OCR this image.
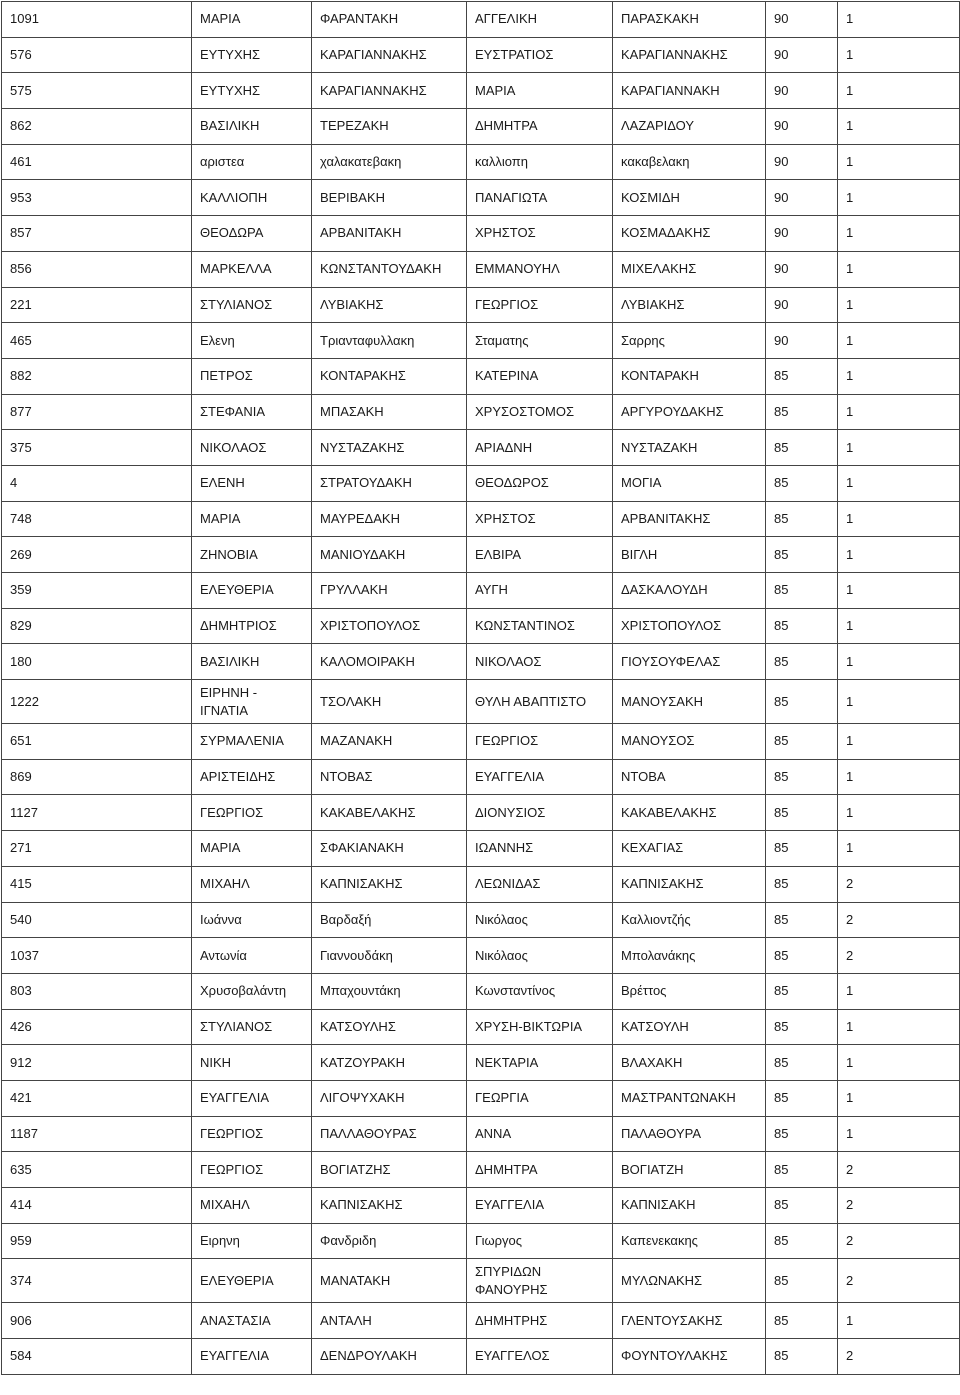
1091	ΜΑΡΙΑ	ΦΑΡΑΝΤΑΚΗ	ΑΓΓΕΛΙΚΗ	ΠΑΡΑΣΚΑΚΗ	90	1
576	ΕΥΤΥΧΗΣ	ΚΑΡΑΓΙΑΝΝΑΚΗΣ	ΕΥΣΤΡΑΤΙΟΣ	ΚΑΡΑΓΙΑΝΝΑΚΗΣ	90	1
575	ΕΥΤΥΧΗΣ	ΚΑΡΑΓΙΑΝΝΑΚΗΣ	ΜΑΡΙΑ	ΚΑΡΑΓΙΑΝΝΑΚΗ	90	1
862	ΒΑΣΙΛΙΚΗ	ΤΕΡΕΖΑΚΗ	ΔΗΜΗΤΡΑ	ΛΑΖΑΡΙΔΟΥ	90	1
461	αριστεα	χαλακατεβακη	καλλιοπη	κακαβελακη	90	1
953	ΚΑΛΛΙΟΠΗ	ΒΕΡΙΒΑΚΗ	ΠΑΝΑΓΙΩΤΑ	ΚΟΣΜΙΔΗ	90	1
857	ΘΕΟΔΩΡΑ	ΑΡΒΑΝΙΤΑΚΗ	ΧΡΗΣΤΟΣ	ΚΟΣΜΑΔΑΚΗΣ	90	1
856	ΜΑΡΚΕΛΛΑ	ΚΩΝΣΤΑΝΤΟΥΔΑΚΗ	ΕΜΜΑΝΟΥΗΛ	ΜΙΧΕΛΑΚΗΣ	90	1
221	ΣΤΥΛΙΑΝΟΣ	ΛΥΒΙΑΚΗΣ	ΓΕΩΡΓΙΟΣ	ΛΥΒΙΑΚΗΣ	90	1
465	Ελενη	Τριανταφυλλακη	Σταματης	Σαρρης	90	1
882	ΠΕΤΡΟΣ	ΚΟΝΤΑΡΑΚΗΣ	ΚΑΤΕΡΙΝΑ	ΚΟΝΤΑΡΑΚΗ	85	1
877	ΣΤΕΦΑΝΙΑ	ΜΠΑΣΑΚΗ	ΧΡΥΣΟΣΤΟΜΟΣ	ΑΡΓΥΡΟΥΔΑΚΗΣ	85	1
375	ΝΙΚΟΛΑΟΣ	ΝΥΣΤΑΖΑΚΗΣ	ΑΡΙΑΔΝΗ	ΝΥΣΤΑΖΑΚΗ	85	1
4	ΕΛΕΝΗ	ΣΤΡΑΤΟΥΔΑΚΗ	ΘΕΟΔΩΡΟΣ	ΜΟΓΙΑ	85	1
748	ΜΑΡΙΑ	ΜΑΥΡΕΔΑΚΗ	ΧΡΗΣΤΟΣ	ΑΡΒΑΝΙΤΑΚΗΣ	85	1
269	ΖΗΝΟΒΙΑ	ΜΑΝΙΟΥΔΑΚΗ	ΕΛΒΙΡΑ	ΒΙΓΛΗ	85	1
359	ΕΛΕΥΘΕΡΙΑ	ΓΡΥΛΛΑΚΗ	ΑΥΓΗ	ΔΑΣΚΑΛΟΥΔΗ	85	1
829	ΔΗΜΗΤΡΙΟΣ	ΧΡΙΣΤΟΠΟΥΛΟΣ	ΚΩΝΣΤΑΝΤΙΝΟΣ	ΧΡΙΣΤΟΠΟΥΛΟΣ	85	1
180	ΒΑΣΙΛΙΚΗ	ΚΑΛΟΜΟΙΡΑΚΗ	ΝΙΚΟΛΑΟΣ	ΓΙΟΥΣΟΥΦΕΛΑΣ	85	1
1222	ΕΙΡΗΝΗ - ΙΓΝΑΤΙΑ	ΤΣΟΛΑΚΗ	ΘΥΛΗ ΑΒΑΠΤΙΣΤΟ	ΜΑΝΟΥΣΑΚΗ	85	1
651	ΣΥΡΜΑΛΕΝΙΑ	ΜΑΖΑΝΑΚΗ	ΓΕΩΡΓΙΟΣ	ΜΑΝΟΥΣΟΣ	85	1
869	ΑΡΙΣΤΕΙΔΗΣ	ΝΤΟΒΑΣ	ΕΥΑΓΓΕΛΙΑ	ΝΤΟΒΑ	85	1
1127	ΓΕΩΡΓΙΟΣ	ΚΑΚΑΒΕΛΑΚΗΣ	ΔΙΟΝΥΣΙΟΣ	ΚΑΚΑΒΕΛΑΚΗΣ	85	1
271	ΜΑΡΙΑ	ΣΦΑΚΙΑΝΑΚΗ	ΙΩΑΝΝΗΣ	ΚΕΧΑΓΙΑΣ	85	1
415	ΜΙΧΑΗΛ	ΚΑΠΝΙΣΑΚΗΣ	ΛΕΩΝΙΔΑΣ	ΚΑΠΝΙΣΑΚΗΣ	85	2
540	Ιωάννα	Βαρδαξή	Νικόλαος	Καλλιοντζής	85	2
1037	Αντωνία	Γιαννουδάκη	Νικόλαος	Μπολανάκης	85	2
803	Χρυσοβαλάντη	Μπαχουντάκη	Κωνσταντίνος	Βρέττος	85	1
426	ΣΤΥΛΙΑΝΟΣ	ΚΑΤΣΟΥΛΗΣ	ΧΡΥΣΗ-ΒΙΚΤΩΡΙΑ	ΚΑΤΣΟΥΛΗ	85	1
912	ΝΙΚΗ	ΚΑΤΖΟΥΡΑΚΗ	ΝΕΚΤΑΡΙΑ	ΒΛΑΧΑΚΗ	85	1
421	ΕΥΑΓΓΕΛΙΑ	ΛΙΓΟΨΥΧΑΚΗ	ΓΕΩΡΓΙΑ	ΜΑΣΤΡΑΝΤΩΝΑΚΗ	85	1
1187	ΓΕΩΡΓΙΟΣ	ΠΑΛΛΑΘΟΥΡΑΣ	ΑΝΝΑ	ΠΑΛΑΘΟΥΡΑ	85	1
635	ΓΕΩΡΓΙΟΣ	ΒΟΓΙΑΤΖΗΣ	ΔΗΜΗΤΡΑ	ΒΟΓΙΑΤΖΗ	85	2
414	ΜΙΧΑΗΛ	ΚΑΠΝΙΣΑΚΗΣ	ΕΥΑΓΓΕΛΙΑ	ΚΑΠΝΙΣΑΚΗ	85	2
959	Ειρηνη	Φανδριδη	Γιωργος	Καπενεκακης	85	2
374	ΕΛΕΥΘΕΡΙΑ	ΜΑΝΑΤΑΚΗ	ΣΠΥΡΙΔΩΝ ΦΑΝΟΥΡΗΣ	ΜΥΛΩΝΑΚΗΣ	85	2
906	ΑΝΑΣΤΑΣΙΑ	ΑΝΤΑΛΗ	ΔΗΜΗΤΡΗΣ	ΓΛΕΝΤΟΥΣΑΚΗΣ	85	1
584	ΕΥΑΓΓΕΛΙΑ	ΔΕΝΔΡΟΥΛΑΚΗ	ΕΥΑΓΓΕΛΟΣ	ΦΟΥΝΤΟΥΛΑΚΗΣ	85	2
